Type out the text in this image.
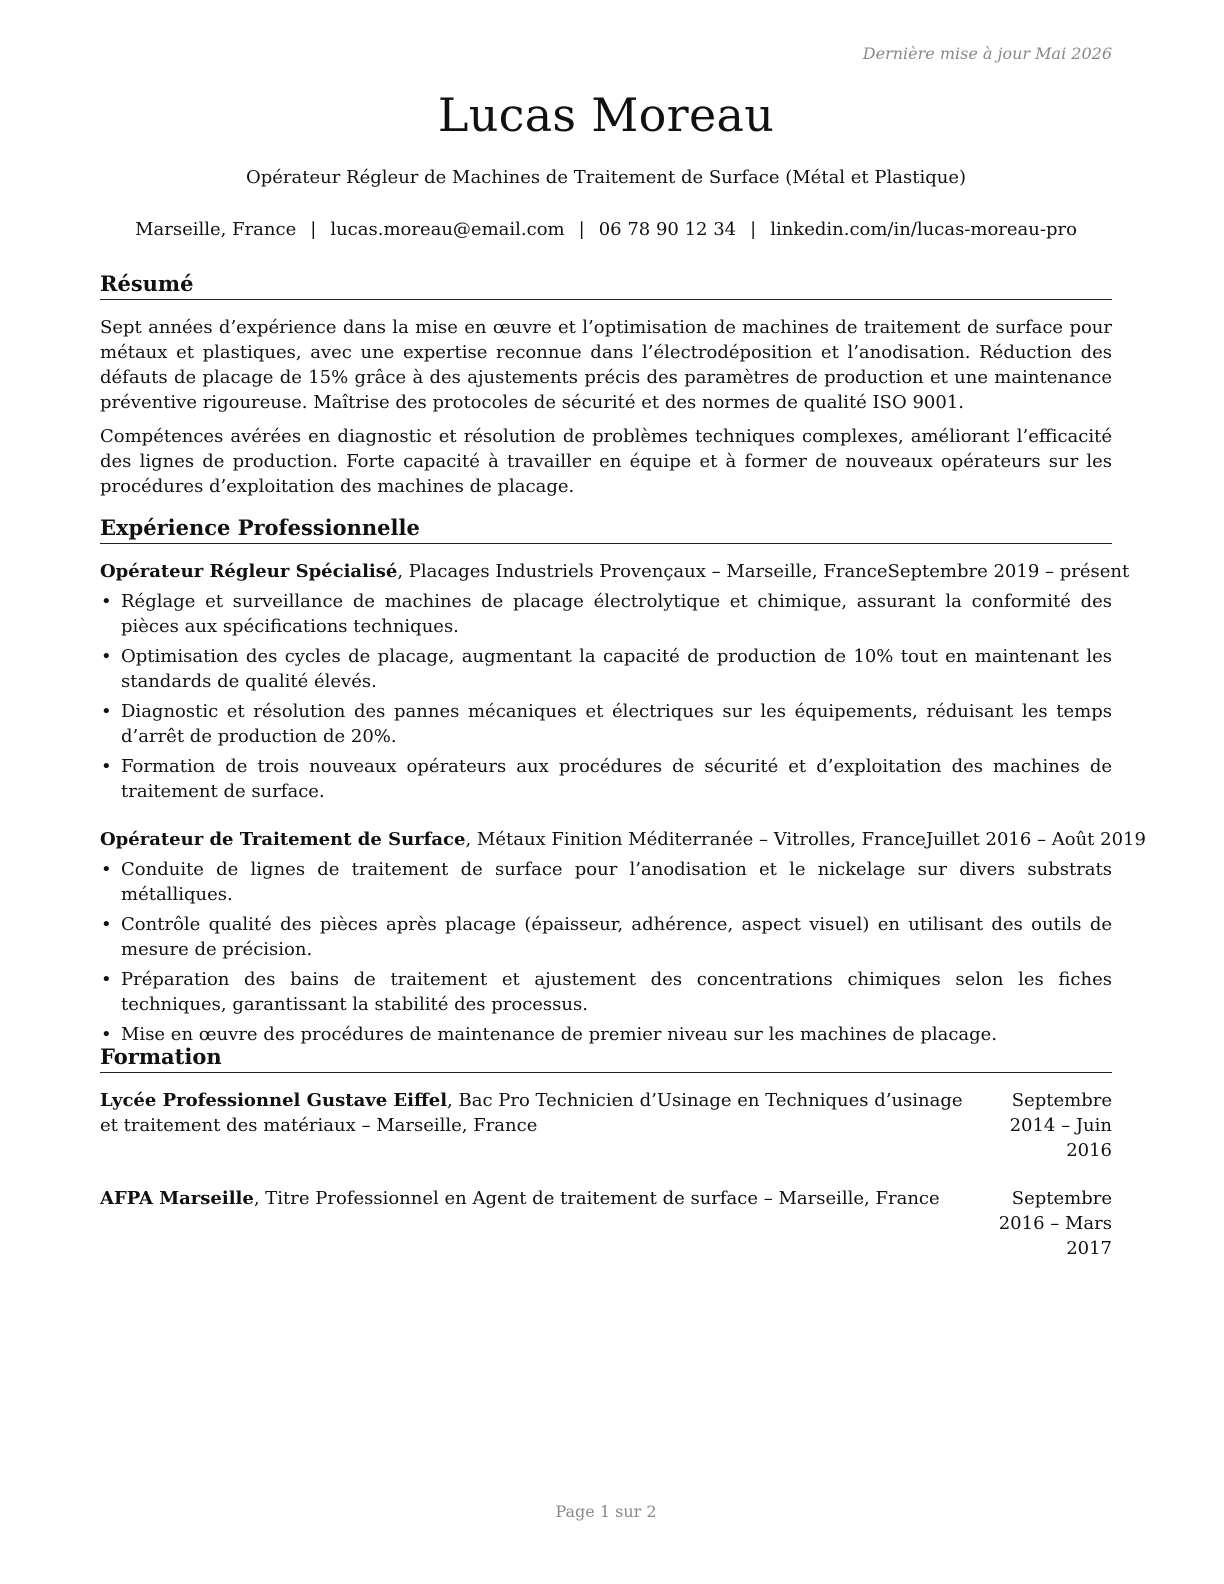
Dernière mise à jour Mai 2026
Lucas Moreau
Opérateur Régleur de Machines de Traitement de Surface (Métal et Plastique)
Marseille, France | lucas.moreau@email.com | 06 78 90 12 34 | linkedin.com/in/lucas-moreau-pro
Résumé

Sept années d’expérience dans la mise en œuvre et l’optimisation de machines de traitement de surface pour métaux et plastiques, avec une expertise reconnue dans l’électrodéposition et l’anodisation. Réduction des défauts de placage de 15% grâce à des ajustements précis des paramètres de production et une maintenance préventive rigoureuse. Maîtrise des protocoles de sécurité et des normes de qualité ISO 9001.

Compétences avérées en diagnostic et résolution de problèmes techniques complexes, améliorant l’efficacité des lignes de production. Forte capacité à travailler en équipe et à former de nouveaux opérateurs sur les procédures d’exploitation des machines de placage.

Expérience Professionnelle
Opérateur Régleur Spécialisé, Placages Industriels Provençaux – Marseille, France Septembre 2019 – présent
• Réglage et surveillance de machines de placage électrolytique et chimique, assurant la conformité des pièces aux spécifications techniques.
• Optimisation des cycles de placage, augmentant la capacité de production de 10% tout en maintenant les standards de qualité élevés.
• Diagnostic et résolution des pannes mécaniques et électriques sur les équipements, réduisant les temps d’arrêt de production de 20%.
• Formation de trois nouveaux opérateurs aux procédures de sécurité et d’exploitation des machines de traitement de surface.
Opérateur de Traitement de Surface, Métaux Finition Méditerranée – Vitrolles, France Juillet 2016 – Août 2019
• Conduite de lignes de traitement de surface pour l’anodisation et le nickelage sur divers substrats métalliques.
• Contrôle qualité des pièces après placage (épaisseur, adhérence, aspect visuel) en utilisant des outils de mesure de précision.
• Préparation des bains de traitement et ajustement des concentrations chimiques selon les fiches techniques, garantissant la stabilité des processus.
• Mise en œuvre des procédures de maintenance de premier niveau sur les machines de placage.
Formation
Lycée Professionnel Gustave Eiffel, Bac Pro Technicien d’Usinage en Techniques d’usinage et traitement des matériaux – Marseille, France
Septembre 2014 – Juin 2016
AFPA Marseille, Titre Professionnel en Agent de traitement de surface – Marseille, France	Septembre 2016 – Mars 2017
Page 1 sur 2
